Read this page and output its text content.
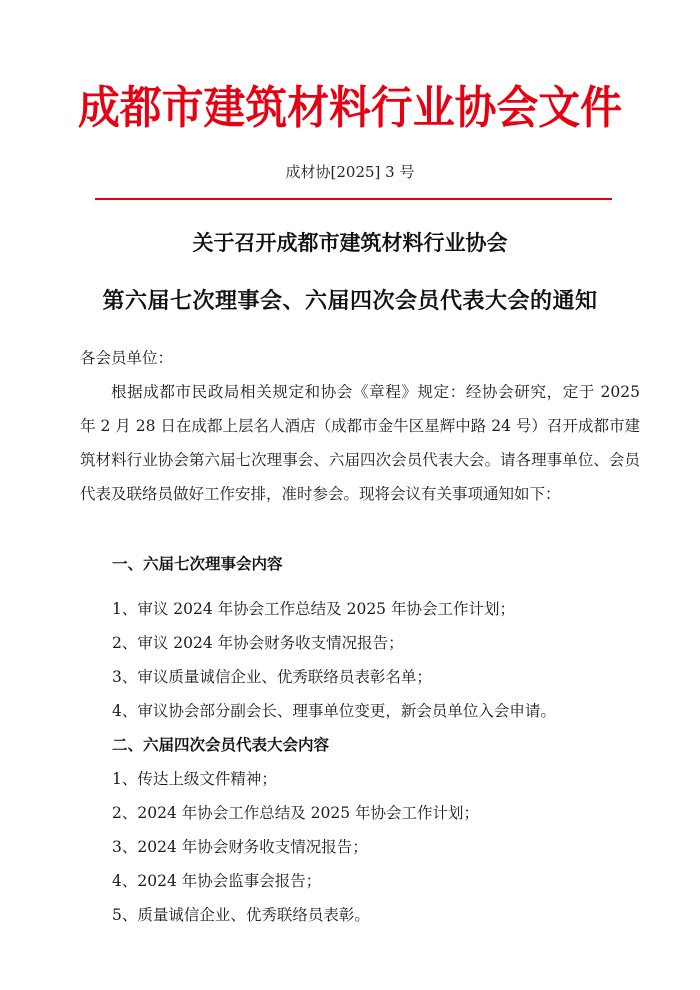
成都市建筑材料行业协会文件
成材协[2025] 3 号
关于召开成都市建筑材料行业协会
第六届七次理事会、六届四次会员代表大会的通知
各会员单位：
根据成都市民政局相关规定和协会《章程》规定：经协会研究，定于 2025 年 2 月 28 日在成都上层名人酒店（成都市金牛区星辉中路 24 号）召开成都市建筑材料行业协会第六届七次理事会、六届四次会员代表大会。请各理事单位、会员代表及联络员做好工作安排，准时参会。现将会议有关事项通知如下：
一、六届七次理事会内容
1、审议 2024 年协会工作总结及 2025 年协会工作计划；
2、审议 2024 年协会财务收支情况报告；
3、审议质量诚信企业、优秀联络员表彰名单；
4、审议协会部分副会长、理事单位变更，新会员单位入会申请。
二、六届四次会员代表大会内容
1、传达上级文件精神；
2、2024 年协会工作总结及 2025 年协会工作计划；
3、2024 年协会财务收支情况报告；
4、2024 年协会监事会报告；
5、质量诚信企业、优秀联络员表彰。
